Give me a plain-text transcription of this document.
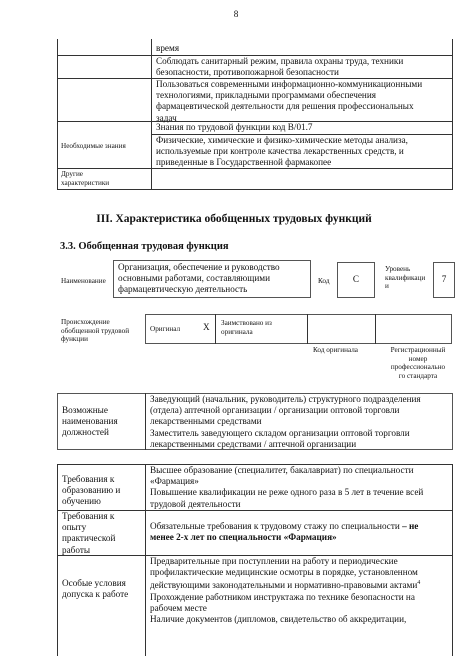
8
время
Соблюдать санитарный режим, правила охраны труда, техники
безопасности, противопожарной безопасности
Пользоваться современными информационно-коммуникационными
технологиями, прикладными программами обеспечения
фармацевтической деятельности для решения профессиональных
задач
Необходимые знания
Знания по трудовой функции код В/01.7
Физические, химические и физико-химические методы анализа,
используемые при контроле качества лекарственных средств, и
приведенные в Государственной фармакопее
Другие
характеристики
III. Характеристика обобщенных трудовых функций
3.3. Обобщенная трудовая функция
Наименование
Организация, обеспечение и руководство
основными работами, составляющими
фармацевтическую деятельность
Код	C
Уровень
квалификаци
и
7
Происхождение
обобщенной трудовой
функции
Оригинал X Заимствовано из
оригинала
Код оригинала	Регистрационный
номер
профессионально
го стандарта
Возможные
наименования
должностей
Заведующий (начальник, руководитель) структурного подразделения
(отдела) аптечной организации / организации оптовой торговли
лекарственными средствами
Заместитель заведующего складом организации оптовой торговли
лекарственными средствами / аптечной организации
Требования к
образованию и
обучению
Высшее образование (специалитет, бакалавриат) по специальности
«Фармация»
Повышение квалификации не реже одного раза в 5 лет в течение всей
трудовой деятельности
Требования к
опыту
практической
работы
Обязательные требования к трудовому стажу по специальности – не
менее 2-х лет по специальности «Фармация»
Особые условия
допуска к работе
Предварительные при поступлении на работу и периодические
профилактические медицинские осмотры в порядке, установленном
действующими законодательными и нормативно-правовыми актами$^4$
Прохождение работником инструктажа по технике безопасности на
рабочем месте
Наличие документов (дипломов, свидетельство об аккредитации,
